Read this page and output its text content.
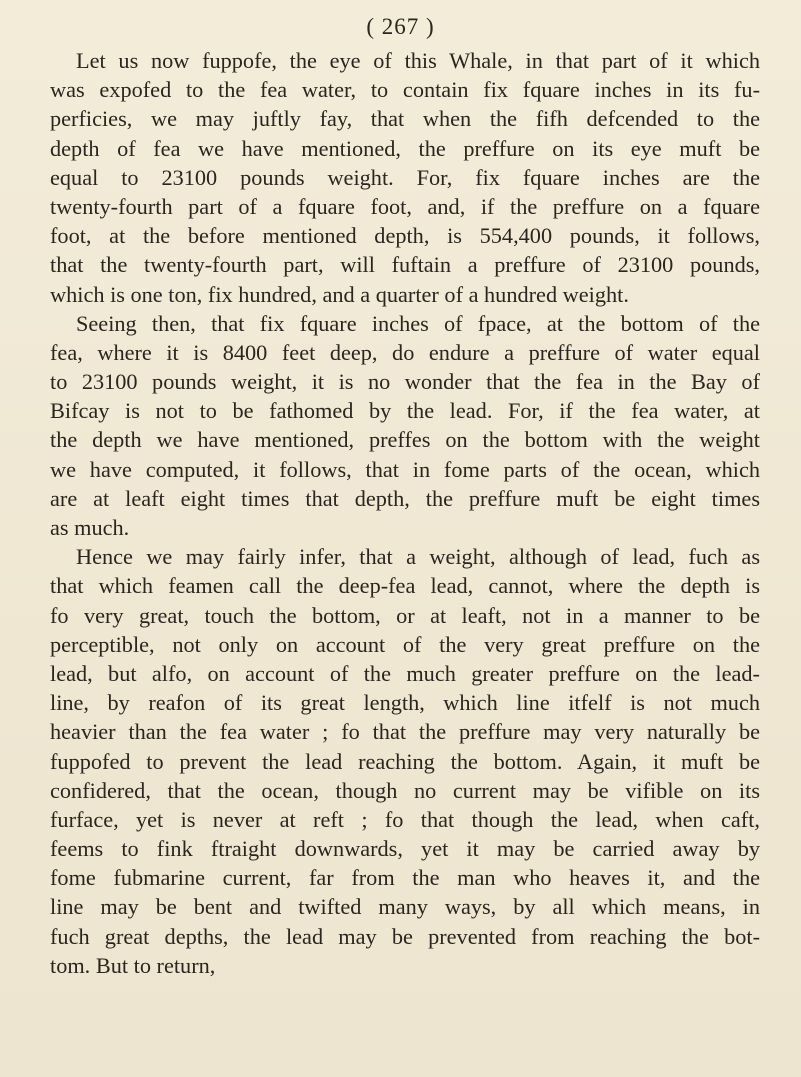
( 267 )
Let us now fuppofe, the eye of this Whale, in that part of it which
was expofed to the fea water, to contain fix fquare inches in its fu-
perficies, we may juftly fay, that when the fifh defcended to the
depth of fea we have mentioned, the preffure on its eye muft be
equal to 23100 pounds weight. For, fix fquare inches are the
twenty-fourth part of a fquare foot, and, if the preffure on a fquare
foot, at the before mentioned depth, is 554,400 pounds, it follows,
that the twenty-fourth part, will fuftain a preffure of 23100 pounds,
which is one ton, fix hundred, and a quarter of a hundred weight.
Seeing then, that fix fquare inches of fpace, at the bottom of the
fea, where it is 8400 feet deep, do endure a preffure of water equal
to 23100 pounds weight, it is no wonder that the fea in the Bay of
Bifcay is not to be fathomed by the lead. For, if the fea water, at
the depth we have mentioned, preffes on the bottom with the weight
we have computed, it follows, that in fome parts of the ocean, which
are at leaft eight times that depth, the preffure muft be eight times
as much.
Hence we may fairly infer, that a weight, although of lead, fuch as
that which feamen call the deep-fea lead, cannot, where the depth is
fo very great, touch the bottom, or at leaft, not in a manner to be
perceptible, not only on account of the very great preffure on the
lead, but alfo, on account of the much greater preffure on the lead-
line, by reafon of its great length, which line itfelf is not much
heavier than the fea water ; fo that the preffure may very naturally be
fuppofed to prevent the lead reaching the bottom. Again, it muft be
confidered, that the ocean, though no current may be vifible on its
furface, yet is never at reft ; fo that though the lead, when caft,
feems to fink ftraight downwards, yet it may be carried away by
fome fubmarine current, far from the man who heaves it, and the
line may be bent and twifted many ways, by all which means, in
fuch great depths, the lead may be prevented from reaching the bot-
tom. But to return,
